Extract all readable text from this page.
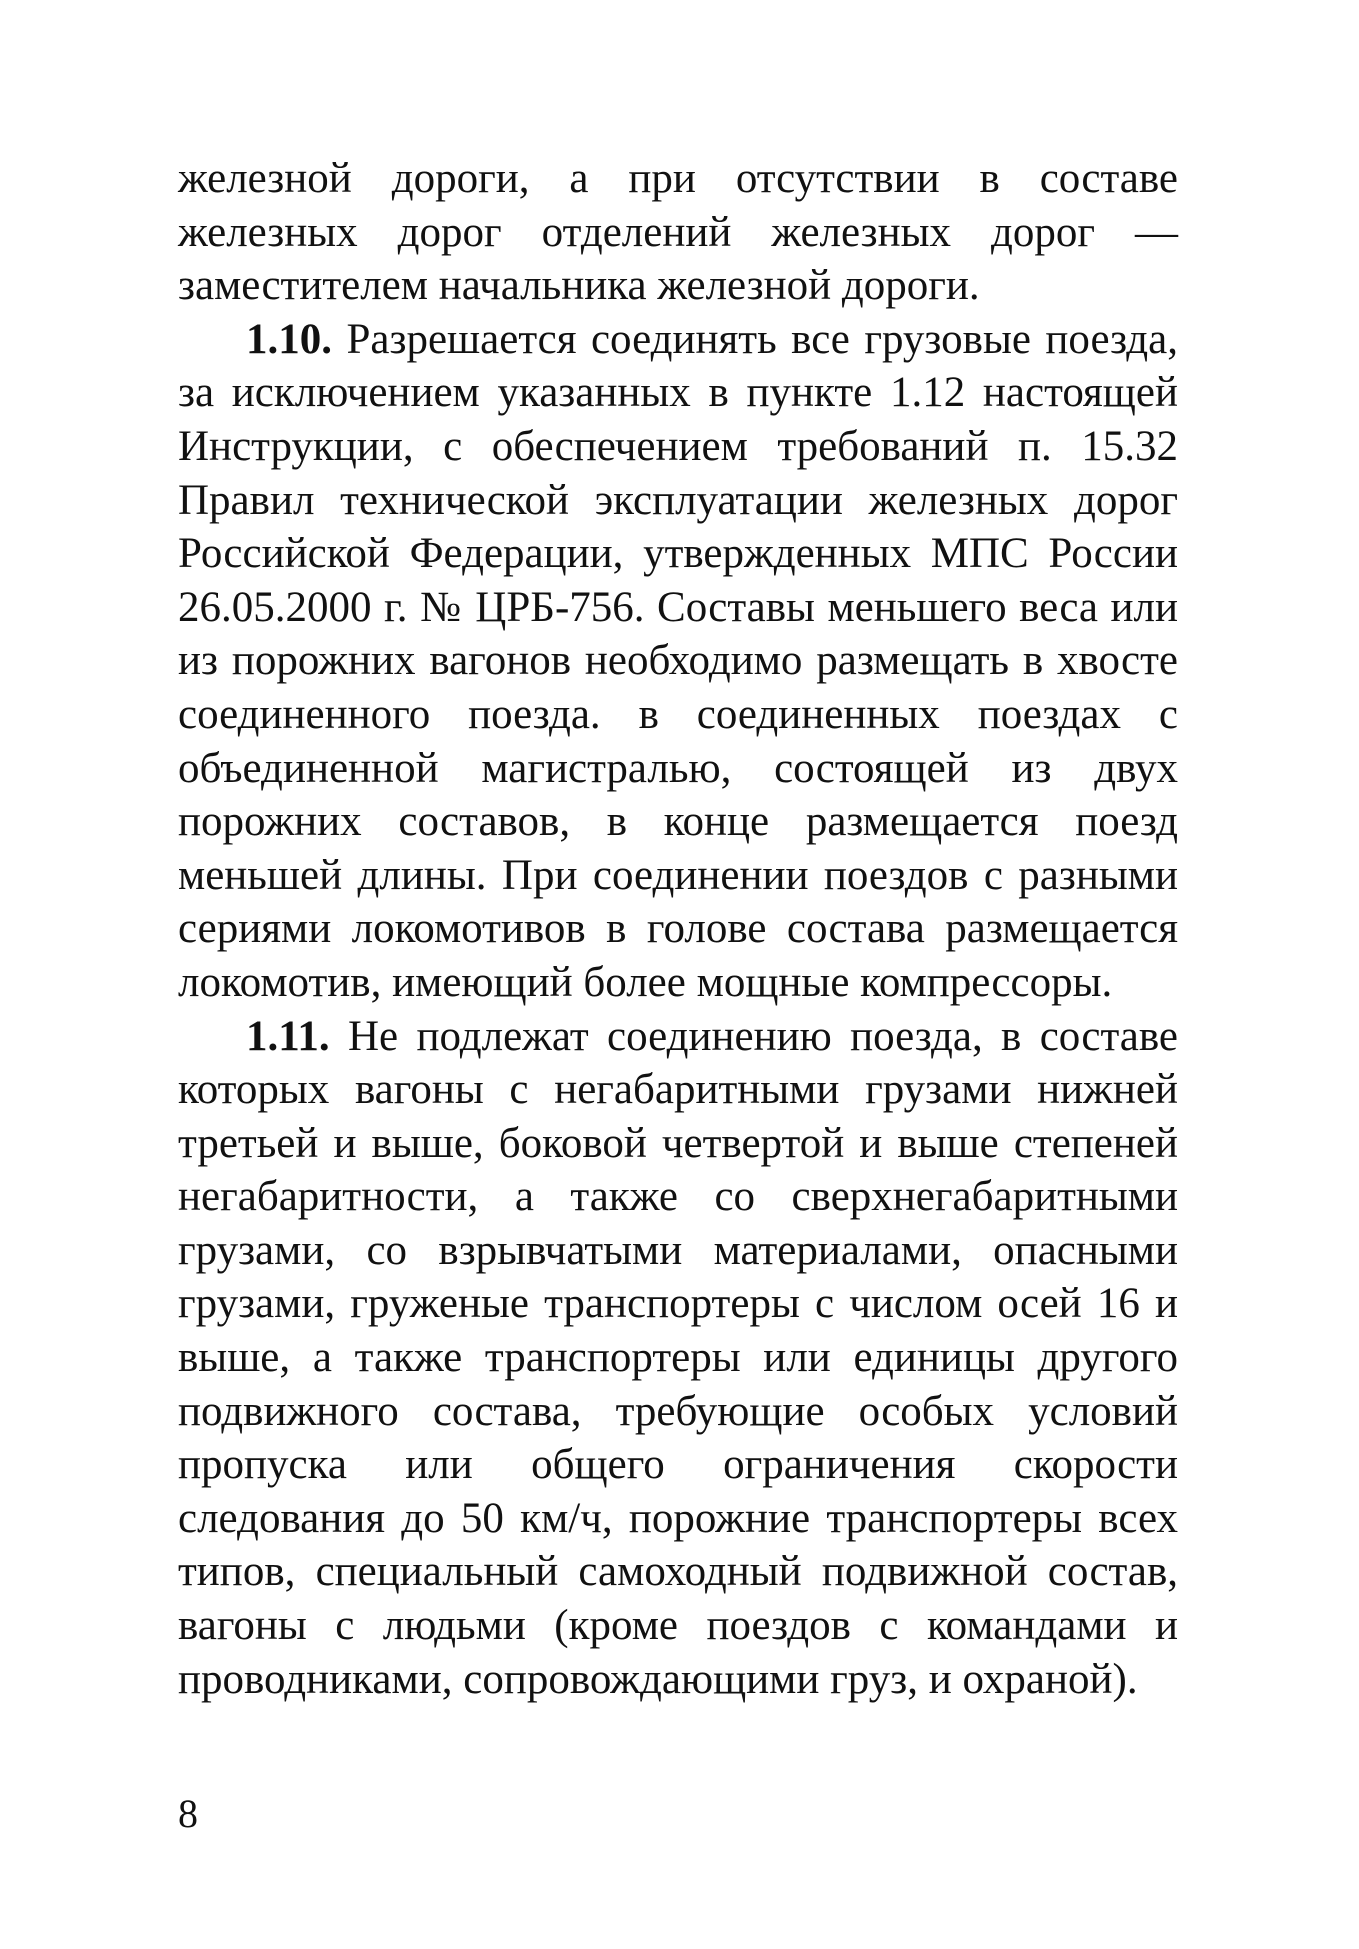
железной дороги, а при отсутствии в составе железных дорог отделений железных дорог — заместителем начальника железной дороги.

1.10. Разрешается соединять все грузовые поезда, за исключением указанных в пункте 1.12 настоящей Инструкции, с обеспечением требований п. 15.32 Правил технической эксплуатации железных дорог Российской Федерации, утвержденных МПС России 26.05.2000 г. № ЦРБ-756. Составы меньшего веса или из порожних вагонов необходимо размещать в хвосте соединенного поезда. в соединенных поездах с объединенной магистралью, состоящей из двух порожних составов, в конце размещается поезд меньшей длины. При соединении поездов с разными сериями локомотивов в голове состава размещается локомотив, имеющий более мощные компрессоры.

1.11. Не подлежат соединению поезда, в составе которых вагоны с негабаритными грузами нижней третьей и выше, боковой четвертой и выше степеней негабаритности, а также со сверхнегабаритными грузами, со взрывчатыми материалами, опасными грузами, груженые транспортеры с числом осей 16 и выше, а также транспортеры или единицы другого подвижного состава, требующие особых условий пропуска или общего ограничения скорости следования до 50 км/ч, порожние транспортеры всех типов, специальный самоходный подвижной состав, вагоны с людьми (кроме поездов с командами и проводниками, сопровождающими груз, и охраной).

8
